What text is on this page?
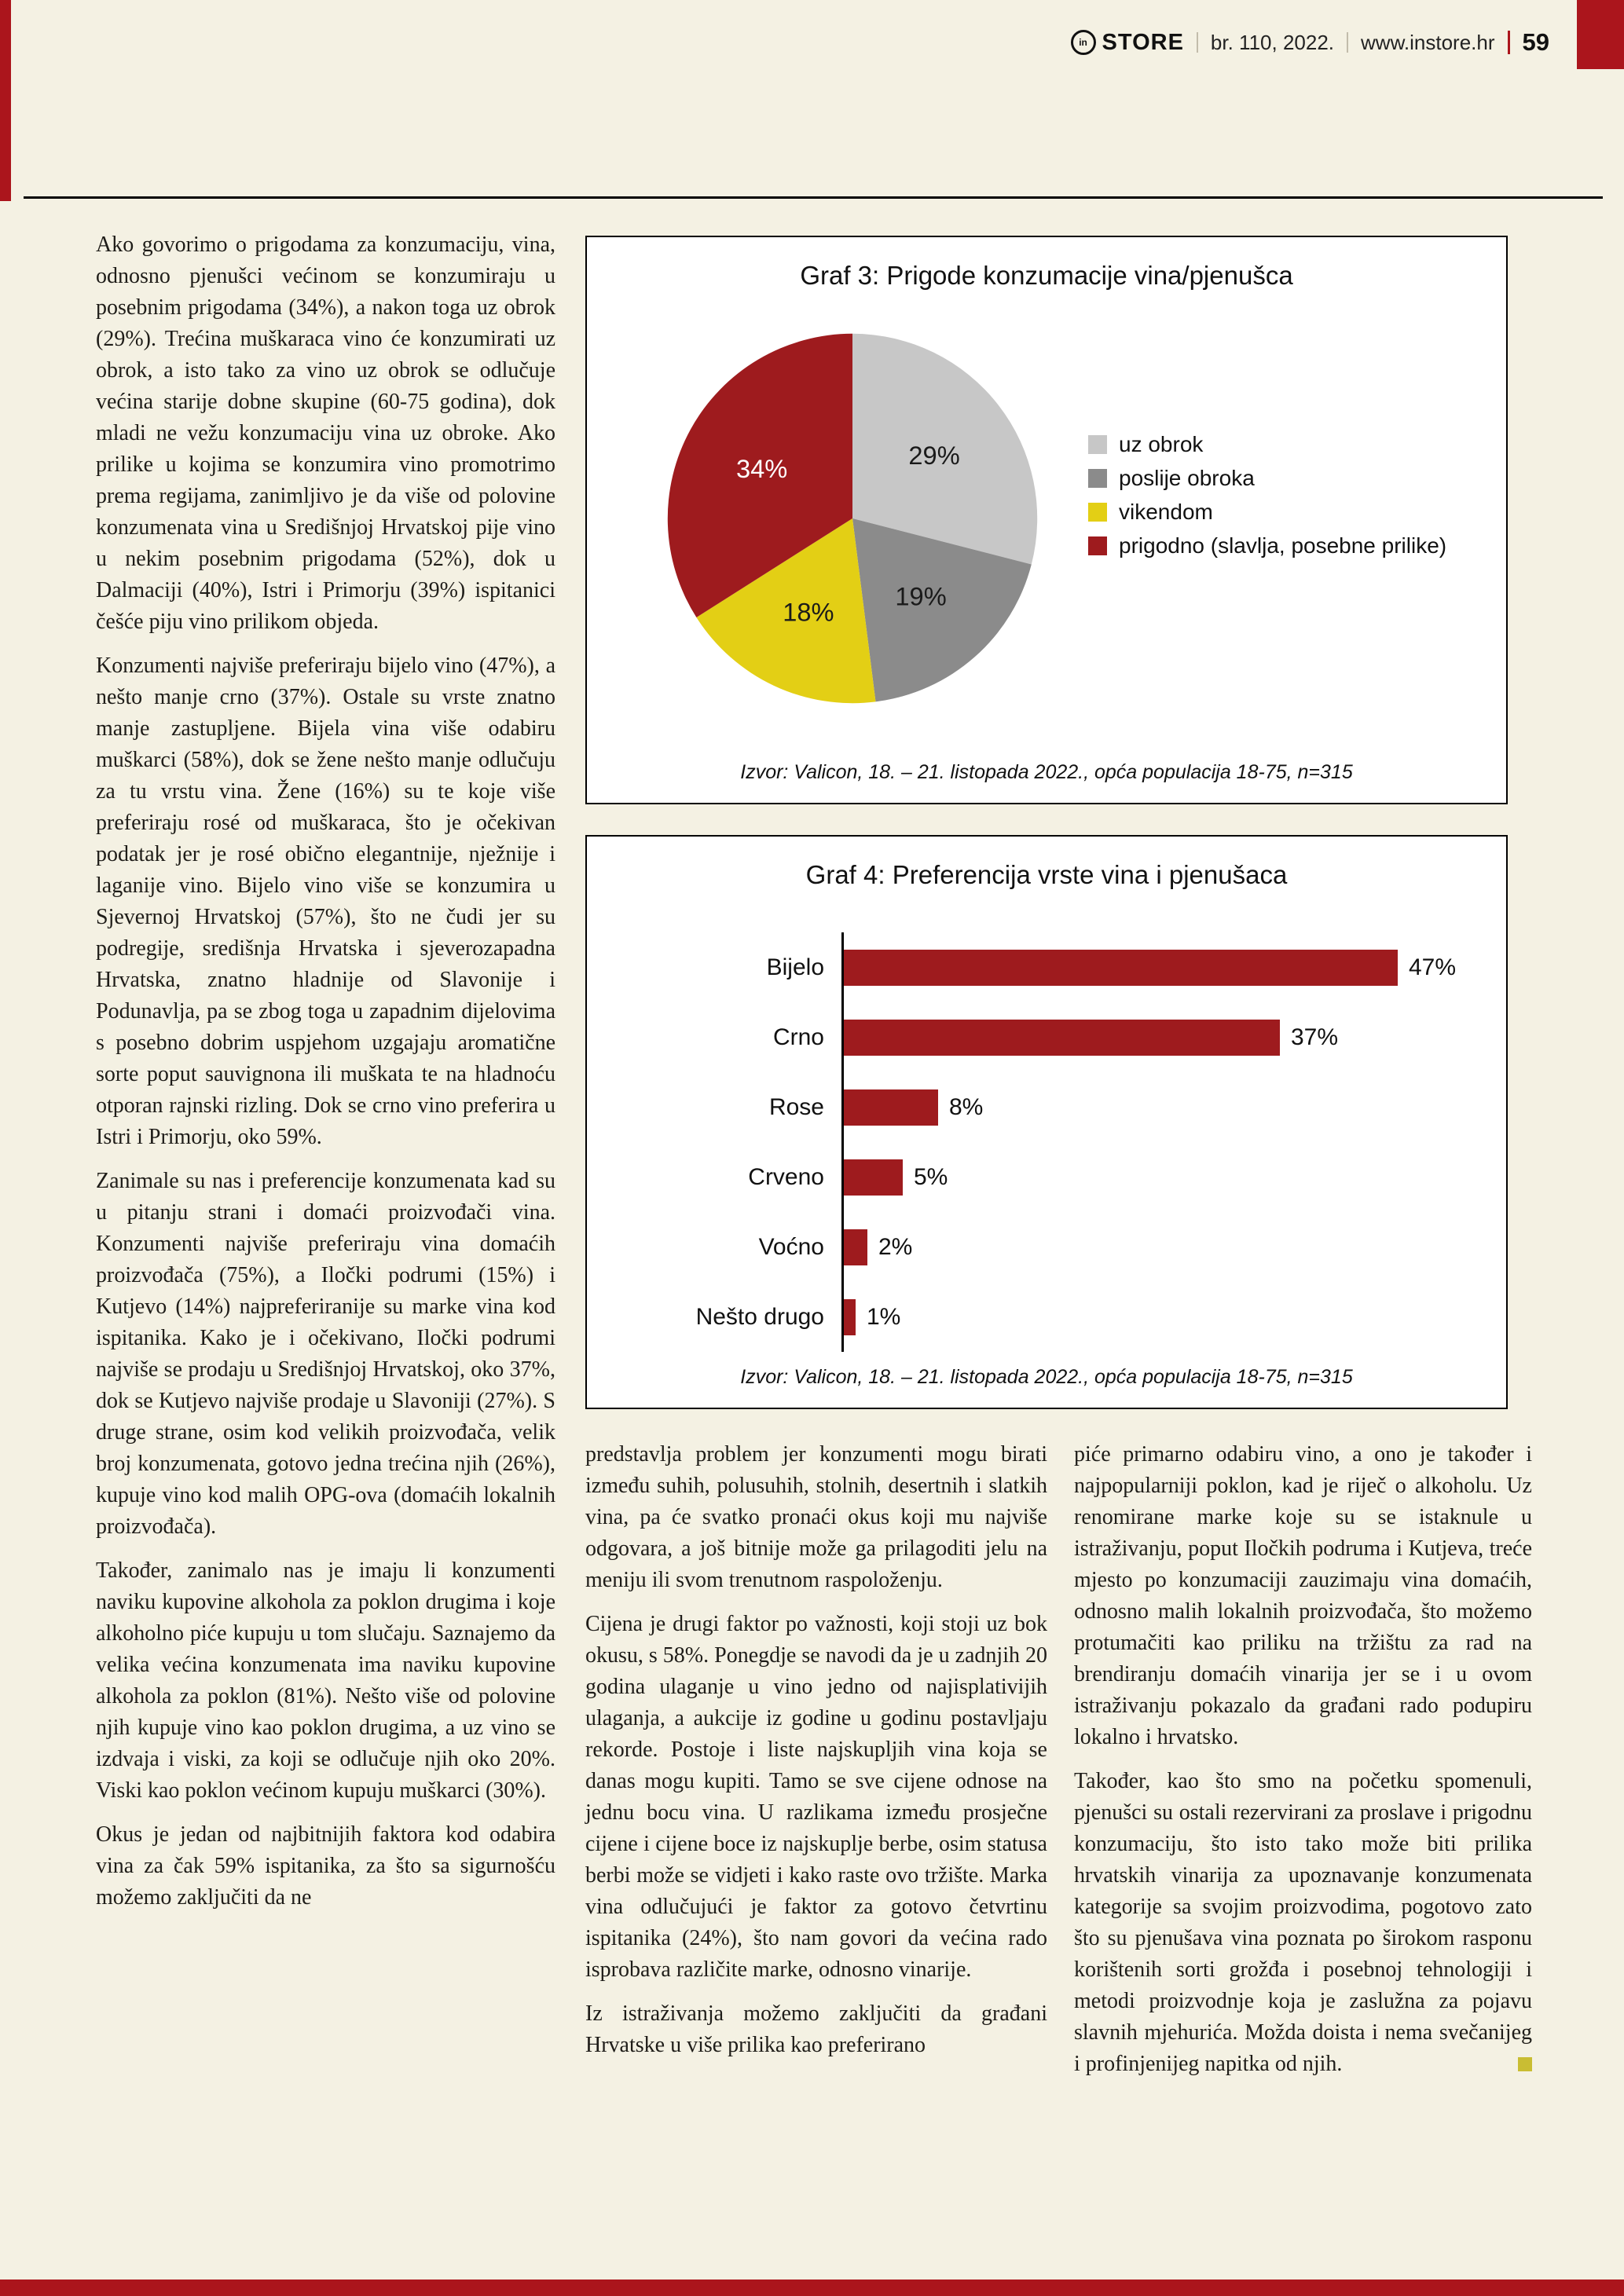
in STORE br. 110, 2022. www.instore.hr 59

Ako govorimo o prigodama za konzumaciju, vina, odnosno pjenušci većinom se konzumiraju u posebnim prigodama (34%), a nakon toga uz obrok (29%). Trećina muškaraca vino će konzumirati uz obrok, a isto tako za vino uz obrok se odlučuje većina starije dobne skupine (60-75 godina), dok mladi ne vežu konzumaciju vina uz obroke. Ako prilike u kojima se konzumira vino promotrimo prema regijama, zanimljivo je da više od polovine konzumenata vina u Središnjoj Hrvatskoj pije vino u nekim posebnim prigodama (52%), dok u Dalmaciji (40%), Istri i Primorju (39%) ispitanici češće piju vino prilikom objeda.

Konzumenti najviše preferiraju bijelo vino (47%), a nešto manje crno (37%). Ostale su vrste znatno manje zastupljene. Bijela vina više odabiru muškarci (58%), dok se žene nešto manje odlučuju za tu vrstu vina. Žene (16%) su te koje više preferiraju rosé od muškaraca, što je očekivan podatak jer je rosé obično elegantnije, nježnije i laganije vino. Bijelo vino više se konzumira u Sjevernoj Hrvatskoj (57%), što ne čudi jer su podregije, središnja Hrvatska i sjeverozapadna Hrvatska, znatno hladnije od Slavonije i Podunavlja, pa se zbog toga u zapadnim dijelovima s posebno dobrim uspjehom uzgajaju aromatične sorte poput sauvignona ili muškata te na hladnoću otporan rajnski rizling. Dok se crno vino preferira u Istri i Primorju, oko 59%.

Zanimale su nas i preferencije konzumenata kad su u pitanju strani i domaći proizvođači vina. Konzumenti najviše preferiraju vina domaćih proizvođača (75%), a Iločki podrumi (15%) i Kutjevo (14%) najpreferiranije su marke vina kod ispitanika. Kako je i očekivano, Iločki podrumi najviše se prodaju u Središnjoj Hrvatskoj, oko 37%, dok se Kutjevo najviše prodaje u Slavoniji (27%). S druge strane, osim kod velikih proizvođača, velik broj konzumenata, gotovo jedna trećina njih (26%), kupuje vino kod malih OPG-ova (domaćih lokalnih proizvođača).

Također, zanimalo nas je imaju li konzumenti naviku kupovine alkohola za poklon drugima i koje alkoholno piće kupuju u tom slučaju. Saznajemo da velika većina konzumenata ima naviku kupovine alkohola za poklon (81%). Nešto više od polovine njih kupuje vino kao poklon drugima, a uz vino se izdvaja i viski, za koji se odlučuje njih oko 20%. Viski kao poklon većinom kupuju muškarci (30%).

Okus je jedan od najbitnijih faktora kod odabira vina za čak 59% ispitanika, za što sa sigurnošću možemo zaključiti da ne

Graf 3: Prigode konzumacije vina/pjenušca
29%
19%
18%
34%
uz obrok
poslije obroka
vikendom
prigodno (slavlja, posebne prilike)
Izvor: Valicon, 18. – 21. listopada 2022., opća populacija 18-75, n=315
Graf 4: Preferencija vrste vina i pjenušaca
Bijelo	47%
Crno	37%
Rose	8%
Crveno	5%
Voćno	2%
Nešto drugo	1%
Izvor: Valicon, 18. – 21. listopada 2022., opća populacija 18-75, n=315

predstavlja problem jer konzumenti mogu birati između suhih, polusuhih, stolnih, desertnih i slatkih vina, pa će svatko pronaći okus koji mu najviše odgovara, a još bitnije može ga prilagoditi jelu na meniju ili svom trenutnom raspoloženju.

Cijena je drugi faktor po važnosti, koji stoji uz bok okusu, s 58%. Ponegdje se navodi da je u zadnjih 20 godina ulaganje u vino jedno od najisplativijih ulaganja, a aukcije iz godine u godinu postavljaju rekorde. Postoje i liste najskupljih vina koja se danas mogu kupiti. Tamo se sve cijene odnose na jednu bocu vina. U razlikama između prosječne cijene i cijene boce iz najskuplje berbe, osim statusa berbi može se vidjeti i kako raste ovo tržište. Marka vina odlučujući je faktor za gotovo četvrtinu ispitanika (24%), što nam govori da većina rado isprobava različite marke, odnosno vinarije.

Iz istraživanja možemo zaključiti da građani Hrvatske u više prilika kao preferirano

piće primarno odabiru vino, a ono je također i najpopularniji poklon, kad je riječ o alkoholu. Uz renomirane marke koje su se istaknule u istraživanju, poput Iločkih podruma i Kutjeva, treće mjesto po konzumaciji zauzimaju vina domaćih, odnosno malih lokalnih proizvođača, što možemo protumačiti kao priliku na tržištu za rad na brendiranju domaćih vinarija jer se i u ovom istraživanju pokazalo da građani rado podupiru lokalno i hrvatsko.

Također, kao što smo na početku spomenuli, pjenušci su ostali rezervirani za proslave i prigodnu konzumaciju, što isto tako može biti prilika hrvatskih vinarija za upoznavanje konzumenata kategorije sa svojim proizvodima, pogotovo zato što su pjenušava vina poznata po širokom rasponu korištenih sorti grožđa i posebnoj tehnologiji i metodi proizvodnje koja je zaslužna za pojavu slavnih mjehurića. Možda doista i nema svečanijeg i profinjenijeg napitka od njih.
